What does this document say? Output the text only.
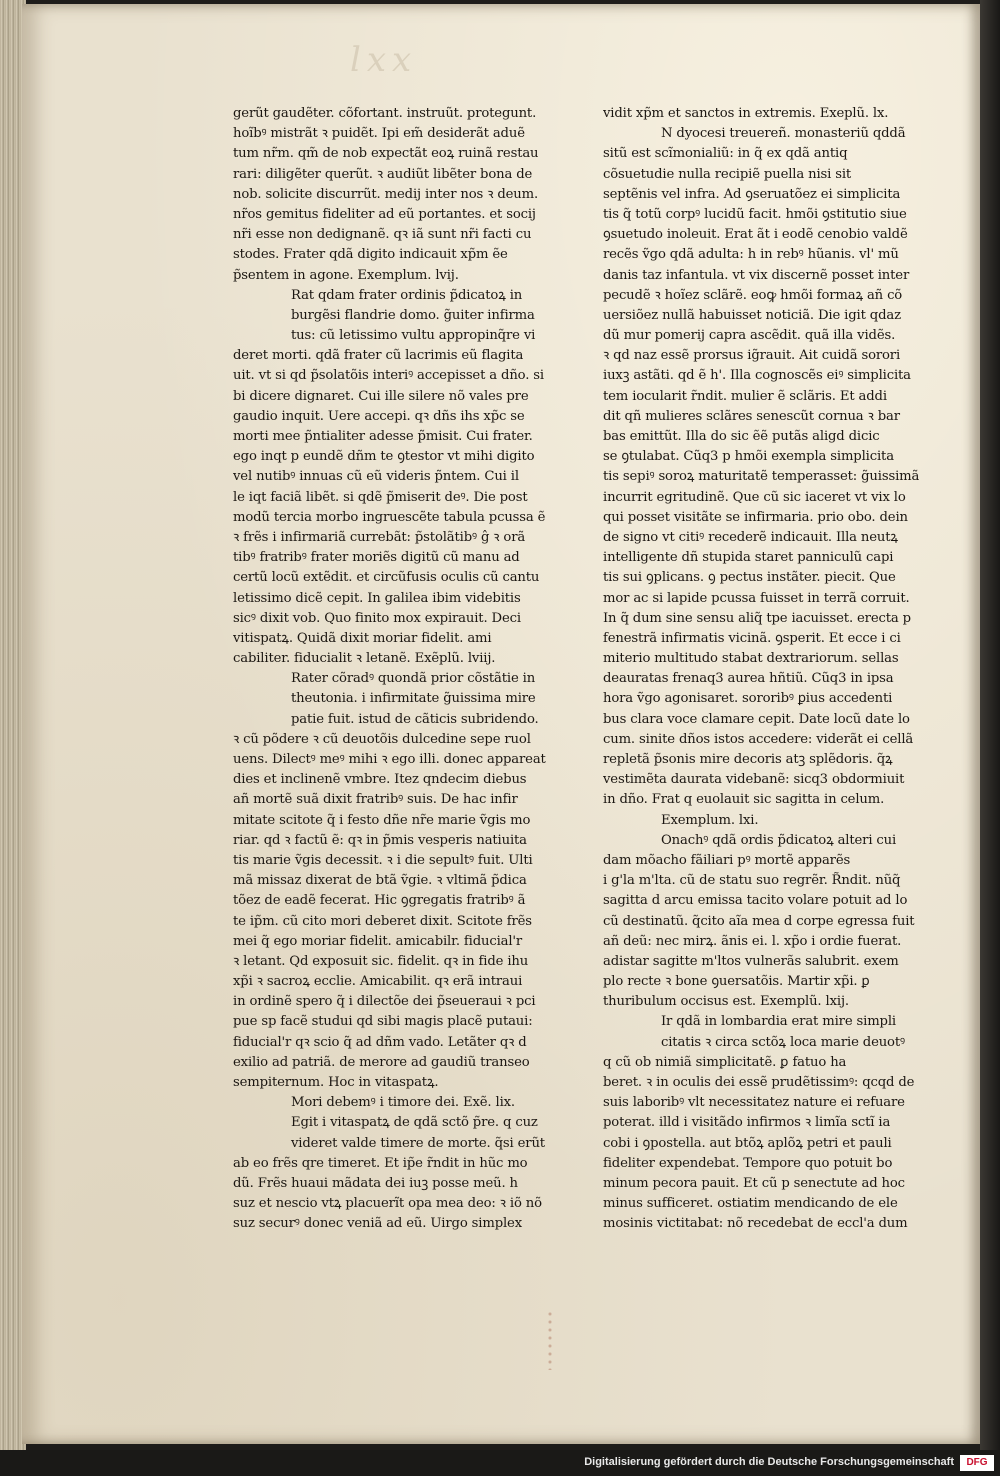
lxx
gerũt gaudẽter. cõfortant. instruũt. protegunt.
hoĩbꝰ mistrãt ꝛ puidẽt. Ipi em̃ desiderãt aduẽ
tum nr̃m. qm̃ de nob expectãt eoꝝ ruinã restau
rari: diligẽter querũt. ꝛ audiũt libẽter bona de
nob. solicite discurrũt. medij inter nos ꝛ deum.
nr̃os gemitus fideliter ad eũ portantes. et socij
nr̃i esse non dedignanẽ. qꝛ iã sunt nr̃i facti cu
stodes. Frater qdã digito indicauit xp̃m ẽe
p̃sentem in agone. Exemplum. lvij.
Rat qdam frater ordinis p̃dicatoꝝ in
burgẽsi flandrie domo. g̃uiter infirma
tus: cũ letissimo vultu appropinq̃re vi
deret morti. qdã frater cũ lacrimis eũ flagita
uit. vt si qd p̃solatõis interiꝰ accepisset a dño. si
bi dicere dignaret. Cui ille silere nõ vales pre
gaudio inquit. Uere accepi. qꝛ dñs ihs xp̃c se
morti mee p̃ntialiter adesse p̃misit. Cui frater.
ego inqt p eundẽ dñm te ꝯtestor vt mihi digito
vel nutibꝰ innuas cũ eũ videris p̃ntem. Cui il
le iqt faciã libẽt. si qdẽ p̃miserit deꝰ. Die post
modũ tercia morbo ingruescẽte tabula pcussa ẽ
ꝛ frẽs i infirmariã currebãt: p̃stolãtibꝰ ĝ ꝛ orã
tibꝰ fratribꝰ frater moriẽs digitũ cũ manu ad
certũ locũ extẽdit. et circũfusis oculis cũ cantu
letissimo dicẽ cepit. In galilea ibim videbitis
sicꝰ dixit vob. Quo finito mox expirauit. Deci
vitispatꝝ. Quidã dixit moriar fidelit. ami
cabiliter. fiducialit ꝛ letanẽ. Exẽplũ. lviij.
Rater cõradꝰ quondã prior cõstãtie in
theutonia. i infirmitate g̃uissima mire
patie fuit. istud de cãticis subridendo.
ꝛ cũ põdere ꝛ cũ deuotõis dulcedine sepe ruol
uens. Dilectꝰ meꝰ mihi ꝛ ego illi. donec appareat
dies et inclinenẽ vmbre. Itez qndecim diebus
añ mortẽ suã dixit fratribꝰ suis. De hac infir
mitate scitote q̃ i festo dñe nr̃e marie ṽgis mo
riar. qd ꝛ factũ ẽ: qꝛ in p̃mis vesperis natiuita
tis marie ṽgis decessit. ꝛ i die sepultꝰ fuit. Ulti
mã missaz dixerat de btã ṽgie. ꝛ vltimã p̃dica
tõez de eadẽ fecerat. Hic ꝯgregatis fratribꝰ ã
te ip̃m. cũ cito mori deberet dixit. Scitote frẽs
mei q̃ ego moriar fidelit. amicabilr. fiducial'r
ꝛ letant. Qd exposuit sic. fidelit. qꝛ in fide ihu
xp̃i ꝛ sacroꝝ ecclie. Amicabilit. qꝛ erã intraui
in ordinẽ spero q̃ i dilectõe dei p̃seueraui ꝛ pci
pue sp facẽ studui qd sibi magis placẽ putaui:
fiducial'r qꝛ scio q̃ ad dñm vado. Letãter qꝛ d
exilio ad patriã. de merore ad gaudiũ transeo
sempiternum. Hoc in vitaspatꝝ.
Mori debemꝰ i timore dei. Exẽ. lix.
Egit i vitaspatꝝ de qdã sctõ p̃re. q cuz
videret valde timere de morte. q̃si erũt
ab eo frẽs qre timeret. Et ip̃e r̃ndit in hũc mo
dũ. Frẽs huaui mãdata dei iuꝫ posse meũ. h
suz et nescio vtꝝ placuerĩt opa mea deo: ꝛ iõ nõ
suz securꝰ donec veniã ad eũ. Uirgo simplex
vidit xp̃m et sanctos in extremis. Exeplũ. lx.
N dyocesi treuereñ. monasteriũ qddã
sitũ est scĩmonialiũ: in q̃ ex qdã antiq
cõsuetudie nulla recipiẽ puella nisi sit
septẽnis vel infra. Ad ꝯseruatõez ei simplicita
tis q̃ totũ corpꝰ lucidũ facit. hmõi ꝯstitutio siue
ꝯsuetudo inoleuit. Erat ãt i eodẽ cenobio valdẽ
recẽs ṽgo qdã adulta: h in rebꝰ hũanis. vl' mũ
danis taz infantula. vt vix discernẽ posset inter
pecudẽ ꝛ hoĩez sclãrẽ. eoꝙ hmõi formaꝝ añ cõ
uersiõez nullã habuisset noticiã. Die igit qdaz
dũ mur pomerij capra ascẽdit. quã illa vidẽs.
ꝛ qd naz essẽ prorsus ig̃rauit. Ait cuidã sorori
iuxꝫ astãti. qd ẽ h'. Illa cognoscẽs eiꝰ simplicita
tem iocularit r̃ndit. mulier ẽ sclãris. Et addi
dit qñ mulieres sclãres senescũt cornua ꝛ bar
bas emittũt. Illa do sic ẽẽ putãs aligd dicic
se ꝯtulabat. Cũq3 p hmõi exempla simplicita
tis sepiꝰ soroꝝ maturitatẽ temperasset: g̃uissimã
incurrit egritudinẽ. Que cũ sic iaceret vt vix lo
qui posset visitãte se infirmaria. prio obo. dein
de signo vt citiꝰ recederẽ indicauit. Illa neutꝝ
intelligente dñ stupida staret panniculũ capi
tis sui ꝯplicans. ꝯ pectus instãter. piecit. Que
mor ac si lapide pcussa fuisset in terrã corruit.
In q̃ dum sine sensu aliq̃ tpe iacuisset. erecta p
fenestrã infirmatis vicinã. ꝯsperit. Et ecce i ci
miterio multitudo stabat dextrariorum. sellas
deauratas frenaq3 aurea hñtiũ. Cũq3 in ipsa
hora ṽgo agonisaret. sororibꝰ ꝑius accedenti
bus clara voce clamare cepit. Date locũ date lo
cum. sinite dños istos accedere: viderãt ei cellã
repletã p̃sonis mire decoris atꝫ splẽdoris. q̃ꝝ
vestimẽta daurata videbanẽ: sicq3 obdormiuit
in dño. Frat q euolauit sic sagitta in celum.
Exemplum. lxi.
Onachꝰ qdã ordis p̃dicatoꝝ alteri cui
dam mõacho fãiliari pꝰ mortẽ apparẽs
i g'la m'lta. cũ de statu suo regrẽr. R̃ndit. nũq̃
sagitta d arcu emissa tacito volare potuit ad lo
cũ destinatũ. q̃cito aĩa mea d corpe egressa fuit
añ deũ: nec mirꝝ. ãnis ei. l. xp̃o i ordie fuerat.
adistar sagitte m'ltos vulnerãs salubrit. exem
plo recte ꝛ bone ꝯuersatõis. Martir xp̃i. ꝑ
thuribulum occisus est. Exemplũ. lxij.
Ir qdã in lombardia erat mire simpli
citatis ꝛ circa sctõꝝ loca marie deuotꝰ
q cũ ob nimiã simplicitatẽ. ꝑ fatuo ha
beret. ꝛ in oculis dei essẽ prudẽtissimꝰ: qcqd de
suis laboribꝰ vlt necessitatez nature ei refuare
poterat. illd i visitãdo infirmos ꝛ limĩa sctĩ ia
cobi i ꝯpostella. aut btõꝝ aplõꝝ petri et pauli
fideliter expendebat. Tempore quo potuit bo
minum pecora pauit. Et cũ p senectute ad hoc
minus sufficeret. ostiatim mendicando de ele
mosinis victitabat: nõ recedebat de eccl'a dum
Digitalisierung gefördert durch die Deutsche Forschungsgemeinschaft	DFG
